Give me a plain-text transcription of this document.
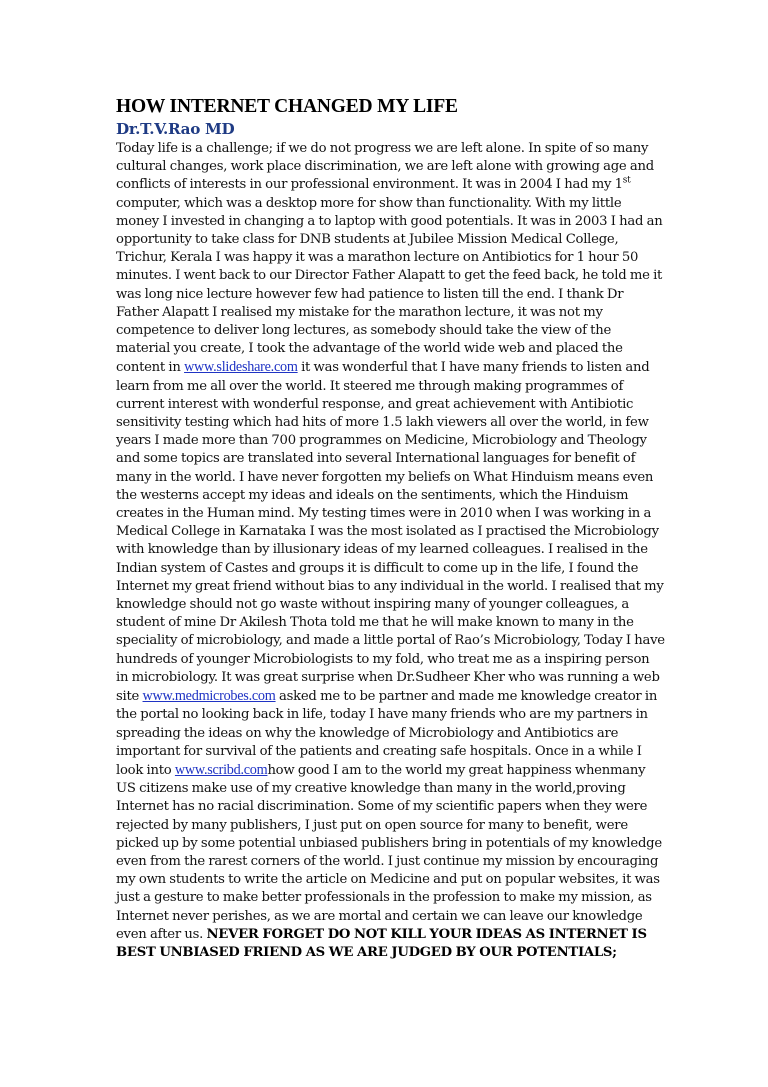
HOW INTERNET CHANGED MY LIFE
Dr.T.V.Rao MD

Today life is a challenge; if we do not progress we are left alone. In spite of so many cultural changes, work place discrimination, we are left alone with growing age and conflicts of interests in our professional environment. It was in 2004 I had my 1st computer, which was a desktop more for show than functionality. With my little money I invested in changing a to laptop with good potentials. It was in 2003 I had an opportunity to take class for DNB students at Jubilee Mission Medical College, Trichur, Kerala I was happy it was a marathon lecture on Antibiotics for 1 hour 50 minutes. I went back to our Director Father Alapatt to get the feed back, he told me it was long nice lecture however few had patience to listen till the end. I thank Dr Father Alapatt I realised my mistake for the marathon lecture, it was not my competence to deliver long lectures, as somebody should take the view of the material you create, I took the advantage of the world wide web and placed the content in www.slideshare.com it was wonderful that I have many friends to listen and learn from me all over the world. It steered me through making programmes of current interest with wonderful response, and great achievement with Antibiotic sensitivity testing which had hits of more 1.5 lakh viewers all over the world, in few years I made more than 700 programmes on Medicine, Microbiology and Theology and some topics are translated into several International languages for benefit of many in the world. I have never forgotten my beliefs on What Hinduism means even the westerns accept my ideas and ideals on the sentiments, which the Hinduism creates in the Human mind. My testing times were in 2010 when I was working in a Medical College in Karnataka I was the most isolated as I practised the Microbiology with knowledge than by illusionary ideas of my learned colleagues. I realised in the Indian system of Castes and groups it is difficult to come up in the life, I found the Internet my great friend without bias to any individual in the world. I realised that my knowledge should not go waste without inspiring many of younger colleagues, a student of mine Dr Akilesh Thota told me that he will make known to many in the speciality of microbiology, and made a little portal of Rao’s Microbiology, Today I have hundreds of younger Microbiologists to my fold, who treat me as a inspiring person in microbiology. It was great surprise when Dr.Sudheer Kher who was running a web site www.medmicrobes.com asked me to be partner and made me knowledge creator in the portal no looking back in life, today I have many friends who are my partners in spreading the ideas on why the knowledge of Microbiology and Antibiotics are important for survival of the patients and creating safe hospitals. Once in a while I look into www.scribd.comhow good I am to the world my great happiness whenmany US citizens make use of my creative knowledge than many in the world,proving Internet has no racial discrimination. Some of my scientific papers when they were rejected by many publishers, I just put on open source for many to benefit, were picked up by some potential unbiased publishers bring in potentials of my knowledge even from the rarest corners of the world. I just continue my mission by encouraging my own students to write the article on Medicine and put on popular websites, it was just a gesture to make better professionals in the profession to make my mission, as Internet never perishes, as we are mortal and certain we can leave our knowledge even after us. NEVER FORGET DO NOT KILL YOUR IDEAS AS INTERNET IS BEST UNBIASED FRIEND AS WE ARE JUDGED BY OUR POTENTIALS;
